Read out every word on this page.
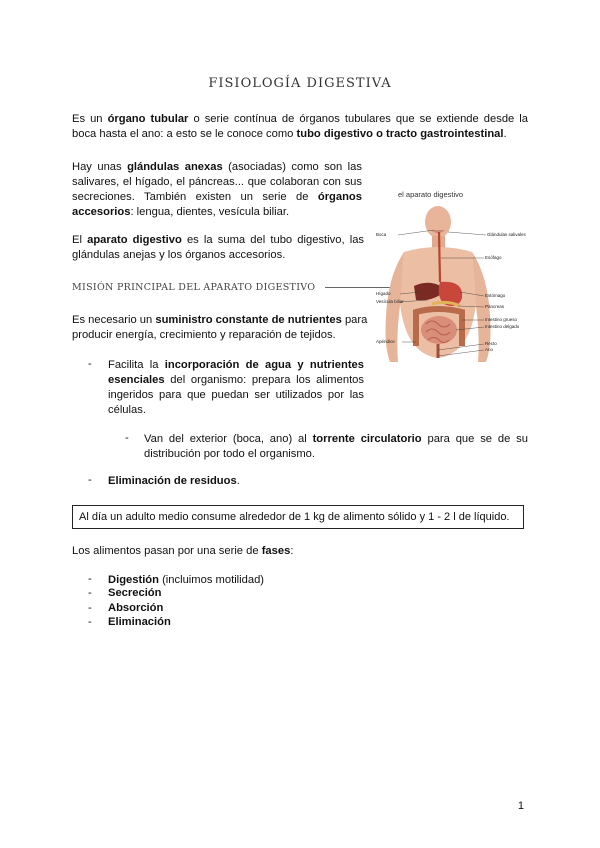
FISIOLOGÍA DIGESTIVA

Es un órgano tubular o serie contínua de órganos tubulares que se extiende desde la boca hasta el ano: a esto se le conoce como tubo digestivo o tracto gastrointestinal.

Hay unas glándulas anexas (asociadas) como son las salivares, el hígado, el páncreas... que colaboran con sus secreciones. También existen un serie de órganos accesorios: lengua, dientes, vesícula biliar.

El aparato digestivo es la suma del tubo digestivo, las glándulas anejas y los órganos accesorios.

MISIÓN PRINCIPAL DEL APARATO DIGESTIVO

Es necesario un suministro constante de nutrientes para producir energía, crecimiento y reparación de tejidos.

- Facilita la incorporación de agua y nutrientes esenciales del organismo: prepara los alimentos ingeridos para que puedan ser utilizados por las células.

- Van del exterior (boca, ano) al torrente circulatorio para que se de su distribución por todo el organismo.

- Eliminación de residuos.

Al día un adulto medio consume alrededor de 1 kg de alimento sólido y 1 - 2 l de líquido.

Los alimentos pasan por una serie de fases:

- Digestión (incluimos motilidad)

- Secreción
- Absorción
- Eliminación
el aparato digestivo
Boca	Glándulas salivales
Esófago
Hígado
Vesícula biliar
Estómago
Páncreas
Intestino grueso
Intestino delgado
Apéndice	Recto
Ano
1
